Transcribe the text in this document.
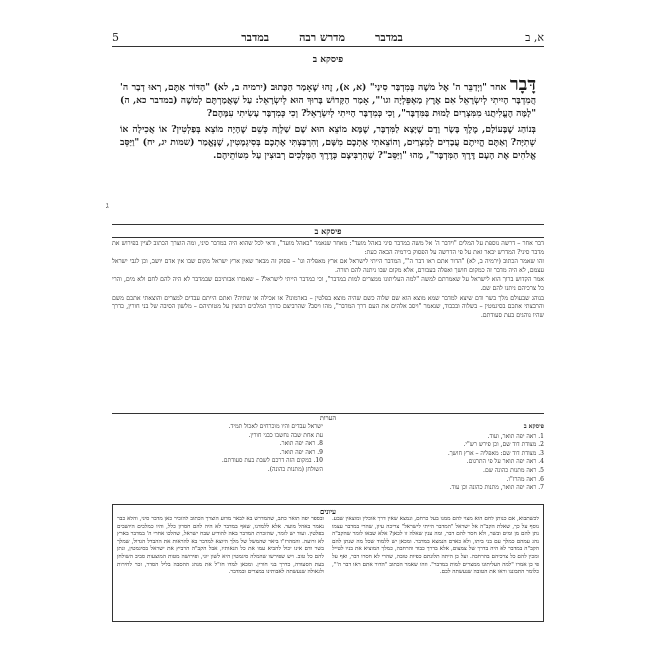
5	במדבר
מדרש רבה
במדבר	א, ב

פיסקא ב

דָּבָר אחר "וַיְדַבֵּר ה' אֶל משֶׁה בְּמִדְבַּר סִינַי" (א, א), זֶהוּ שֶׁאָמַר הַכָּתוּב (ירמיה ב, לא) "הַדּוֹר אַתֶּם, רְאוּ דְבַר ה' הֲמִדְבָּר הָיִיתִי לְיִשְׂרָאֵל אִם אֶרֶץ מַאְפֵּלְיָה וגו'", אָמַר הַקָּדוֹשׁ בָּרוּךְ הוּא לְיִשְׂרָאֵל: עַל שֶׁאֲמַרְתֶּם לְמשֶׁה (במדבר כא, ה) "לָמָּה הֶעֱלִיתֻנוּ מִמִּצְרַיִם לָמוּת בַּמִּדְבָּר", וְכִי כְּמִדְבָּר הָיִיתִי לְיִשְׂרָאֵל? וְכִי כְּמִדְבָּר עָשִׂיתִי עִמָּהֶם?

בְּנוֹהַג שֶׁבָּעוֹלָם, מֶלֶךְ בָּשָׂר וָדָם שֶׁיָּצָא לַמִּדְבָּר, שֶׁמָּא מוֹצֵא הוּא שָׁם שַׁלְוָה כְּשֵׁם שֶׁהָיָה מוֹצֵא בְּפַלְטִין? אוֹ אֲכִילָה אוֹ שְׁתִיָּה? וְאַתֶּם הֱיִיתֶם עֲבָדִים לְמִצְרַיִם, וְהוֹצֵאתִי אֶתְכֶם מִשָּׁם, וְהִרְבַּצְתִּי אֶתְכֶם בְּסִיגְמָטִין, שֶׁנֶּאֱמַר (שמות יג, יח) "וַיַּסֵּב אֱלֹהִים אֶת הָעָם דֶּרֶךְ הַמִּדְבָּר", מַהוּ "וַיַּסֵּב"? שֶׁהִרְבִּיצָם כְּדֶרֶךְ הַמְּלָכִים רְבוּצִין עַל מִטּוֹתֵיהֶם.

ג

פיסקא ב

דבר אחר – דרשה נוספת על המלים "וידבר ה' אל משה במדבר סיני באהל מועד": מאחר שנאמר "באהל מועד", ודאי לכל שהוא היה במדבר סיני, ומה הוצרך הכתוב לציין בפירוש את מדבר סיני? המדרש יבאר זאת על פי הדרשה על הפסוק בירמיה הבאה כעת:

זהו שאמר הכתוב (ירמיה ב, לא) "הדור אתם ראו דבר ה'", המדבר הייתי לישראל אם ארץ מאפליה וגו' – פסוק זה מבאר שאין ארץ ישראל מקום שבו אין אדם יושב, וכן לגבי ישראל עצמם, לא היה מדבר זה כמקום חושך ואפלה בעבורם, אלא מקום שבו ניתנה להם תורה.

אמר הקדוש ברוך הוא לישראל על שאמרתם למשה "למה העליתונו ממצרים למות במדבר", וכי כמדבר הייתי לישראל? – שאמרו אבותיכם שבמדבר לא היה להם לחם ולא מים, והרי כל צרכיהם ניתנו להם שם.

בנוהג שבעולם מלך בשר ודם שיצא למדבר שמא מוצא הוא שם שלוה כשם שהיה מוצא בפלטין – בארמונו? או אכילה או שתיה? ואתם הייתם עבדים למצרים והוצאתי אתכם משם והרבצתי אתכם בסיגמטין – בשלוה ובכבוד, שנאמר "ויסב אלהים את העם דרך המדבר", מהו ויסב? שהרביצם כדרך המלכים רבוצין על מטותיהם – מלשון הסיבה של בני חורין, כדרך שהיו נוהגים בעת סעודתם.

הערות
פיסקא ב
1. ראה יפה תואר, ועוד.
2. מצודת דוד שם, וכן פירש רש"י.
3. מצודת דוד שם: מאפליה – ארץ חושך.
4. ראה יפה תואר על פי התרגום.
5. ראה מתנות כהונה שם.
6. ראה מהרז"ו.
7. ראה יפה תואר, מתנות כהונה וכן עוד.
ישראל עבדים והיו מוכרחים לאכול תמיד.
עת אחת שבה נחשבו כבני חורין.
8. ראה יפה תואר.
9. ראה יפה תואר.
10. במקום הזה דרכם לשבת בעת סעודתם.
השולחן (מתנות כהונה).
עיונים
לכשתבוא, אם כנותן לחם הוא מצוי להם ממנו בעל כרחם, ונמצא שאין דרך אוכלין ומוצאין שבע. נוסף על כך, שאלת הקב"ה אל ישראל "המדבר הייתי לישראל" צריכה עיון, שהרי במדבר עצמו נתן להם מן ומים ובשר, ולא חסר להם דבר, ומה ענין שאלה זו לכאן? אלא שבאו לומר שהקב"ה נהג עמהם כמלך עם בני ביתו, ולא כאדם הנמצא במדבר. ומכאן יש ללמוד שכל מה שנתן להם הקב"ה במדבר לא היה בדרך של צמצום, אלא בדרך כבוד והרחבה, כמלך המוציא את בניו לטייל ומכין להם כל צרכיהם בהרחבה. ועל כן היתה תלונתם כפיות טובה, שהרי לא חסרו דבר, ואף על פי כן אמרו "למה העליתונו ממצרים למות במדבר". וזהו שאמר הכתוב "הדור אתם ראו דבר ה'", כלומר התבוננו וראו את הטובה שנעשתה לכם.
ובספר יפה תואר כתב, שהמדרש בא לבאר מדוע הוצרך הכתוב להזכיר כאן מדבר סיני, והלא כבר נאמר באהל מועד. אלא ללמדנו, שאף במדבר לא היה להם חסרון כלל, והיו כמלכים היושבים בפלטין. ועוד יש לומר, שהזכרת המדבר באה להודיע שבח ישראל, שהלכו אחרי ה' במדבר בארץ לא זרועה. והמהרז"ו ביאר שהמשל של מלך היוצא למדבר בא להראות את ההבדל הגדול, שמלך בשר ודם אינו יכול להביא עמו את כל הנאותיו, אבל הקב"ה הרביץ את ישראל בסיגמטין, ונתן להם כל טוב. ויש שפירשו שהמלה סיגמטין היא לשון יוני, ופירושה מטות המוצעות סביב השולחן בעת הסעודה, כדרך בני חורין. ומכאן למדו חז"ל את מנהג ההסבה בליל הסדר, זכר לחירות ולגאולה שנעשתה לאבותינו במצרים ובמדבר.
